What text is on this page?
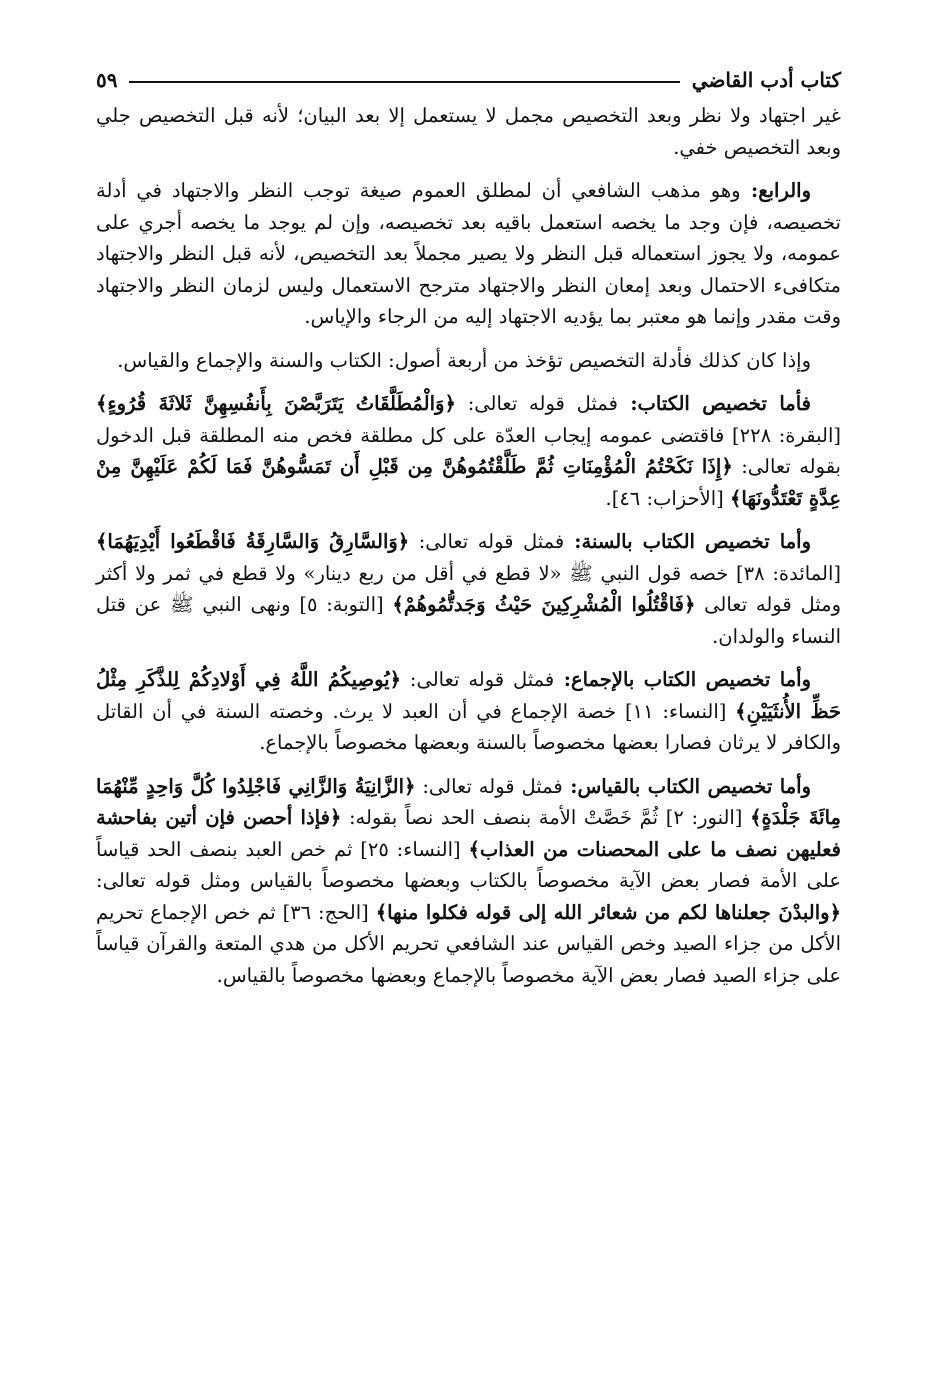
كتاب أدب القاضي
٥٩

غير اجتهاد ولا نظر وبعد التخصيص مجمل لا يستعمل إلا بعد البيان؛ لأنه قبل التخصيص جلي وبعد التخصيص خفي.

والرابع: وهو مذهب الشافعي أن لمطلق العموم صيغة توجب النظر والاجتهاد في أدلة تخصيصه، فإن وجد ما يخصه استعمل باقيه بعد تخصيصه، وإن لم يوجد ما يخصه أجري على عمومه، ولا يجوز استعماله قبل النظر ولا يصير مجملاً بعد التخصيص، لأنه قبل النظر والاجتهاد متكافىء الاحتمال وبعد إمعان النظر والاجتهاد مترجح الاستعمال وليس لزمان النظر والاجتهاد وقت مقدر وإنما هو معتبر بما يؤديه الاجتهاد إليه من الرجاء والإياس.

وإذا كان كذلك فأدلة التخصيص تؤخذ من أربعة أصول: الكتاب والسنة والإجماع والقياس.

فأما تخصيص الكتاب: فمثل قوله تعالى: ﴿وَالْمُطَلَّقَاتُ يَتَرَبَّصْنَ بِأَنفُسِهِنَّ ثَلاثَةَ قُرُوءٍ﴾ [البقرة: ٢٢٨] فاقتضى عمومه إيجاب العدّة على كل مطلقة فخص منه المطلقة قبل الدخول بقوله تعالى: ﴿إِذَا نَكَحْتُمُ الْمُؤْمِنَاتِ ثُمَّ طَلَّقْتُمُوهُنَّ مِن قَبْلِ أَن تَمَسُّوهُنَّ فَمَا لَكُمْ عَلَيْهِنَّ مِنْ عِدَّةٍ تَعْتَدُّونَهَا﴾ [الأحزاب: ٤٦].

وأما تخصيص الكتاب بالسنة: فمثل قوله تعالى: ﴿وَالسَّارِقُ وَالسَّارِقَةُ فَاقْطَعُوا أَيْدِيَهُمَا﴾ [المائدة: ٣٨] خصه قول النبي ﷺ «لا قطع في أقل من ربع دينار» ولا قطع في ثمر ولا أكثر ومثل قوله تعالى ﴿فَاقْتُلُوا الْمُشْرِكِينَ حَيْثُ وَجَدتُّمُوهُمْ﴾ [التوبة: ٥] ونهى النبي ﷺ عن قتل النساء والولدان.

وأما تخصيص الكتاب بالإجماع: فمثل قوله تعالى: ﴿يُوصِيكُمُ اللَّهُ فِي أَوْلادِكُمْ لِلذَّكَرِ مِثْلُ حَظِّ الأُنثَيَيْنِ﴾ [النساء: ١١] خصة الإجماع في أن العبد لا يرث. وخصته السنة في أن القاتل والكافر لا يرثان فصارا بعضها مخصوصاً بالسنة وبعضها مخصوصاً بالإجماع.

وأما تخصيص الكتاب بالقياس: فمثل قوله تعالى: ﴿الزَّانِيَةُ وَالزَّانِي فَاجْلِدُوا كُلَّ وَاحِدٍ مِّنْهُمَا مِائَةَ جَلْدَةٍ﴾ [النور: ٢] ثُمَّ خَصَّتْ الأمة بنصف الحد نصاً بقوله: ﴿فإذا أحصن فإن أتين بفاحشة فعليهن نصف ما على المحصنات من العذاب﴾ [النساء: ٢٥] ثم خص العبد بنصف الحد قياساً على الأمة فصار بعض الآية مخصوصاً بالكتاب وبعضها مخصوصاً بالقياس ومثل قوله تعالى: ﴿والبدْنَ جعلناها لكم من شعائر الله إلى قوله فكلوا منها﴾ [الحج: ٣٦] ثم خص الإجماع تحريم الأكل من جزاء الصيد وخص القياس عند الشافعي تحريم الأكل من هدي المتعة والقرآن قياساً على جزاء الصيد فصار بعض الآية مخصوصاً بالإجماع وبعضها مخصوصاً بالقياس.
